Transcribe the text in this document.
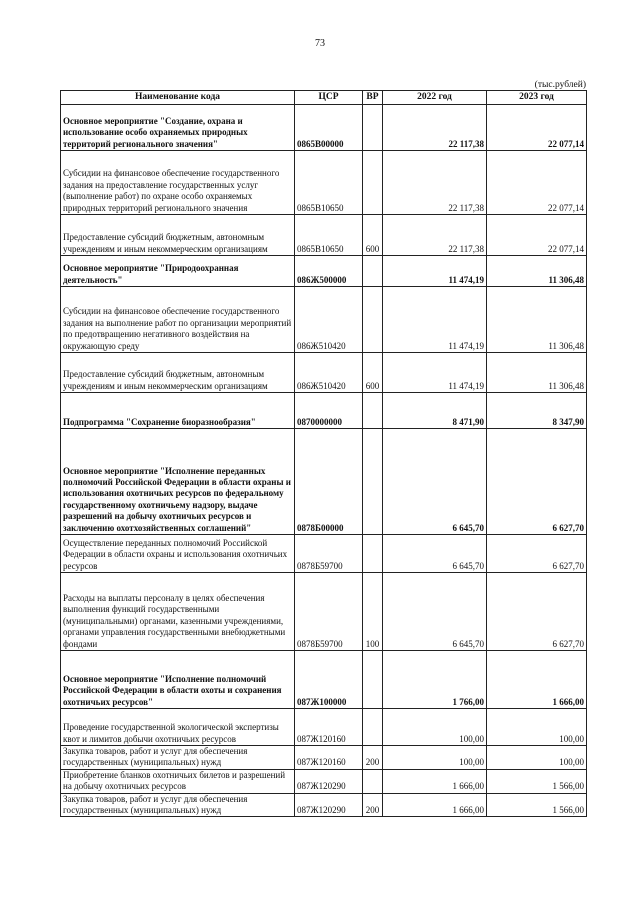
73
(тыс.рублей)
Наименование кода	ЦСР	ВР	2022 год	2023 год
Основное мероприятие "Создание, охрана и использование особо охраняемых природных территорий регионального значения"	0865В00000		22 117,38	22 077,14
Субсидии на финансовое обеспечение государственного задания на предоставление государственных услуг (выполнение работ) по охране особо охраняемых природных территорий регионального значения	0865В10650		22 117,38	22 077,14
Предоставление субсидий бюджетным, автономным учреждениям и иным некоммерческим организациям	0865В10650	600	22 117,38	22 077,14
Основное мероприятие "Природоохранная деятельность"	086Ж500000		11 474,19	11 306,48
Субсидии на финансовое обеспечение государственного задания на выполнение работ по организации мероприятий по предотвращению негативного воздействия на окружающую среду	086Ж510420		11 474,19	11 306,48
Предоставление субсидий бюджетным, автономным учреждениям и иным некоммерческим организациям	086Ж510420	600	11 474,19	11 306,48
Подпрограмма "Сохранение биоразнообразия"	0870000000		8 471,90	8 347,90
Основное мероприятие "Исполнение переданных полномочий Российской Федерации в области охраны и использования охотничьих ресурсов по федеральному государственному охотничьему надзору, выдаче разрешений на добычу охотничьих ресурсов и заключению охотхозяйственных соглашений"	0878Б00000		6 645,70	6 627,70
Осуществление переданных полномочий Российской Федерации в области охраны и использования охотничьих ресурсов	0878Б59700		6 645,70	6 627,70
Расходы на выплаты персоналу в целях обеспечения выполнения функций государственными (муниципальными) органами, казенными учреждениями, органами управления государственными внебюджетными фондами	0878Б59700	100	6 645,70	6 627,70
Основное мероприятие "Исполнение полномочий Российской Федерации в области охоты и сохранения охотничьих ресурсов"	087Ж100000		1 766,00	1 666,00
Проведение государственной экологической экспертизы квот и лимитов добычи охотничьих ресурсов	087Ж120160		100,00	100,00
Закупка товаров, работ и услуг для обеспечения государственных (муниципальных) нужд	087Ж120160	200	100,00	100,00
Приобретение бланков охотничьих билетов и разрешений на добычу охотничьих ресурсов	087Ж120290		1 666,00	1 566,00
Закупка товаров, работ и услуг для обеспечения государственных (муниципальных) нужд	087Ж120290	200	1 666,00	1 566,00
